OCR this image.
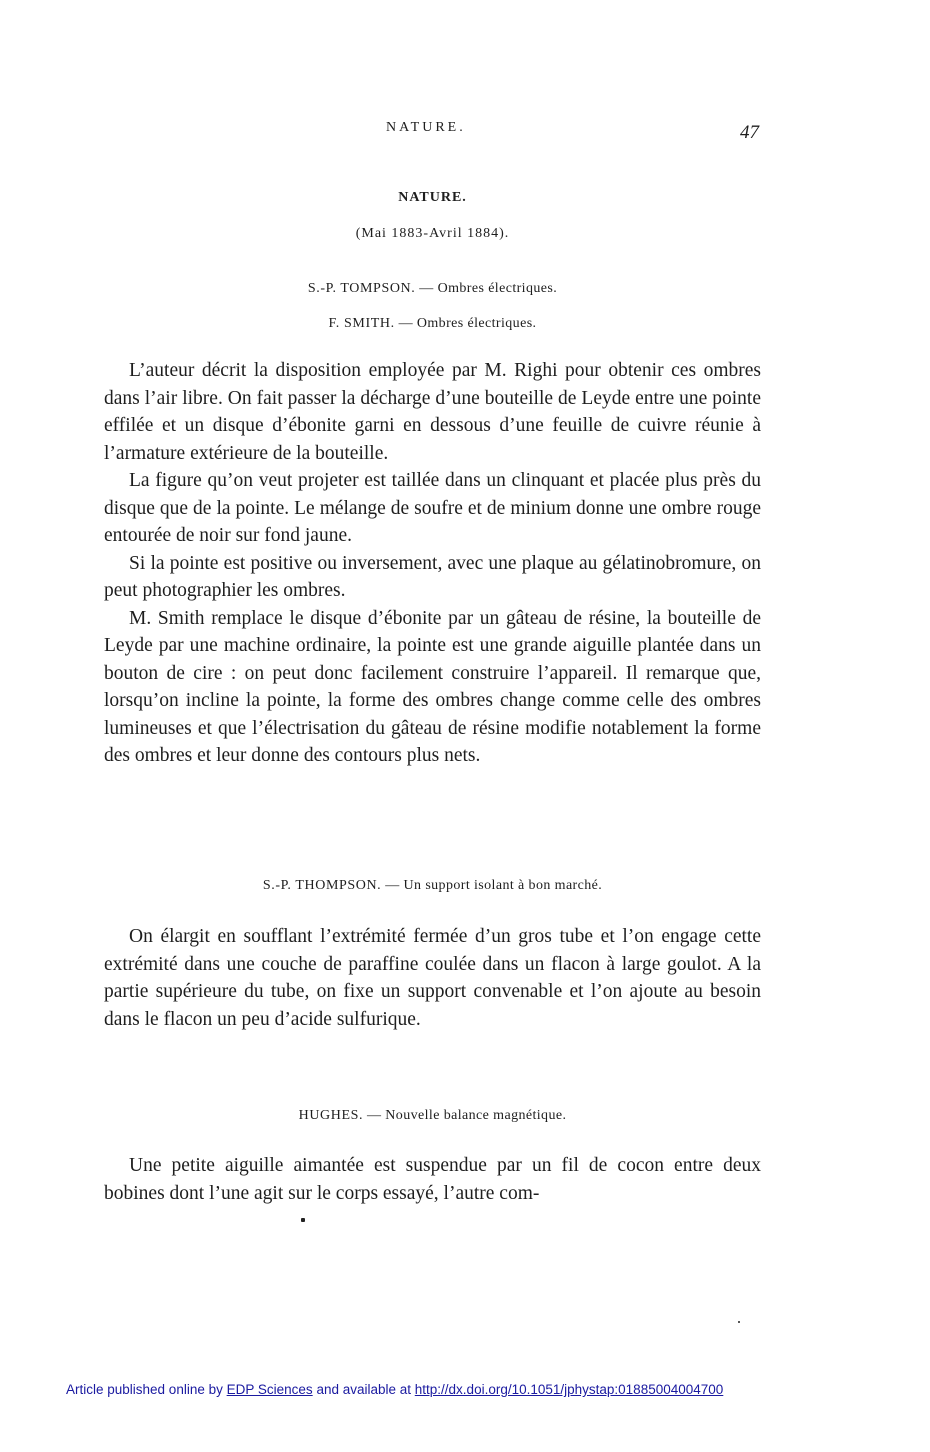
NATURE.	47
NATURE.
(Mai 1883-Avril 1884).
S.-P. TOMPSON. — Ombres électriques.
F. SMITH. — Ombres électriques.

L’auteur décrit la disposition employée par M. Righi pour obtenir ces ombres dans l’air libre. On fait passer la décharge d’une bouteille de Leyde entre une pointe effilée et un disque d’ébonite garni en dessous d’une feuille de cuivre réunie à l’armature extérieure de la bouteille.

La figure qu’on veut projeter est taillée dans un clinquant et placée plus près du disque que de la pointe. Le mélange de soufre et de minium donne une ombre rouge entourée de noir sur fond jaune.

Si la pointe est positive ou inversement, avec une plaque au gélatinobromure, on peut photographier les ombres.

M. Smith remplace le disque d’ébonite par un gâteau de résine, la bouteille de Leyde par une machine ordinaire, la pointe est une grande aiguille plantée dans un bouton de cire : on peut donc facilement construire l’appareil. Il remarque que, lorsqu’on incline la pointe, la forme des ombres change comme celle des ombres lumineuses et que l’électrisation du gâteau de résine modifie notablement la forme des ombres et leur donne des contours plus nets.

S.-P. THOMPSON. — Un support isolant à bon marché.

On élargit en soufflant l’extrémité fermée d’un gros tube et l’on engage cette extrémité dans une couche de paraffine coulée dans un flacon à large goulot. A la partie supérieure du tube, on fixe un support convenable et l’on ajoute au besoin dans le flacon un peu d’acide sulfurique.

HUGHES. — Nouvelle balance magnétique.

Une petite aiguille aimantée est suspendue par un fil de cocon entre deux bobines dont l’une agit sur le corps essayé, l’autre com-

Article published online by EDP Sciences and available at http://dx.doi.org/10.1051/jphystap:01885004004700
